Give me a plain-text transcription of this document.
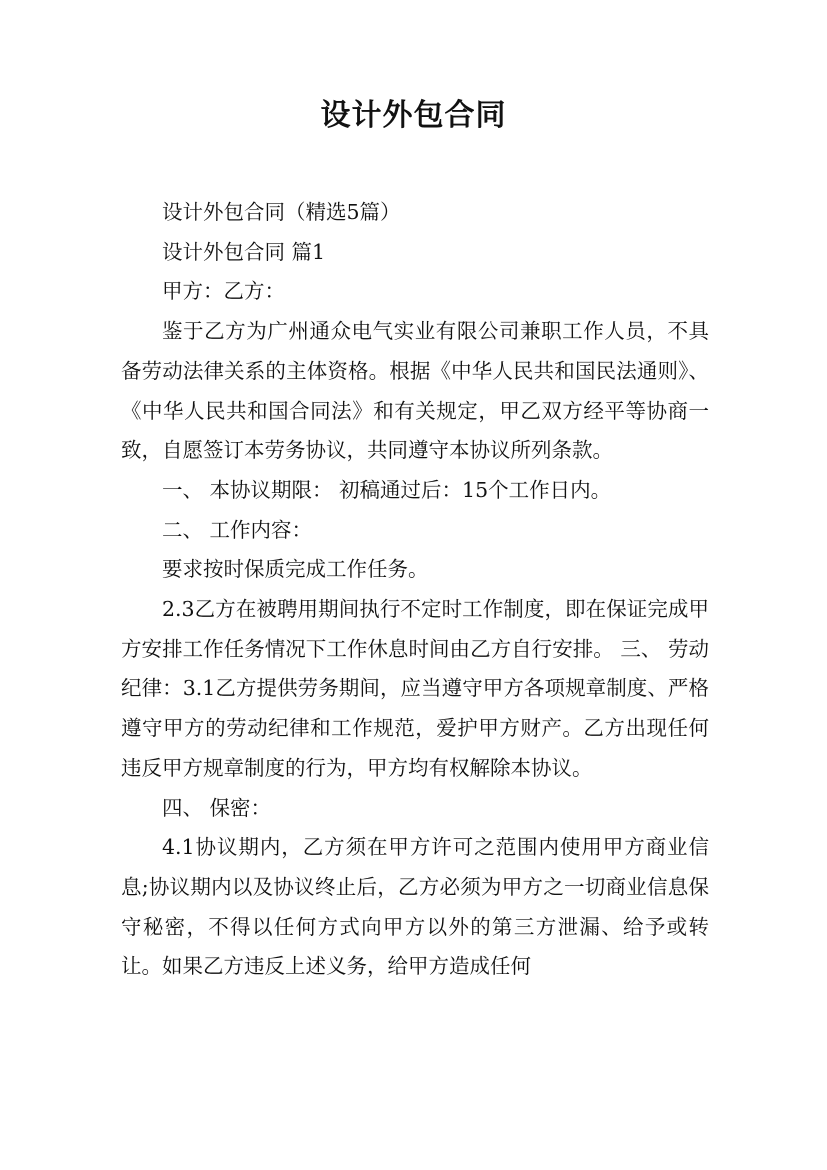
设计外包合同

设计外包合同（精选5篇）

设计外包合同 篇1

甲方：乙方：

鉴于乙方为广州通众电气实业有限公司兼职工作人员，不具备劳动法律关系的主体资格。根据《中华人民共和国民法通则》、《中华人民共和国合同法》和有关规定，甲乙双方经平等协商一致，自愿签订本劳务协议，共同遵守本协议所列条款。

一、 本协议期限： 初稿通过后：15个工作日内。

二、 工作内容：

要求按时保质完成工作任务。

2.3乙方在被聘用期间执行不定时工作制度，即在保证完成甲方安排工作任务情况下工作休息时间由乙方自行安排。 三、 劳动纪律：3.1乙方提供劳务期间，应当遵守甲方各项规章制度、严格遵守甲方的劳动纪律和工作规范，爱护甲方财产。乙方出现任何违反甲方规章制度的行为，甲方均有权解除本协议。

四、 保密：

4.1协议期内，乙方须在甲方许可之范围内使用甲方商业信息;协议期内以及协议终止后，乙方必须为甲方之一切商业信息保守秘密，不得以任何方式向甲方以外的第三方泄漏、给予或转让。如果乙方违反上述义务，给甲方造成任何
